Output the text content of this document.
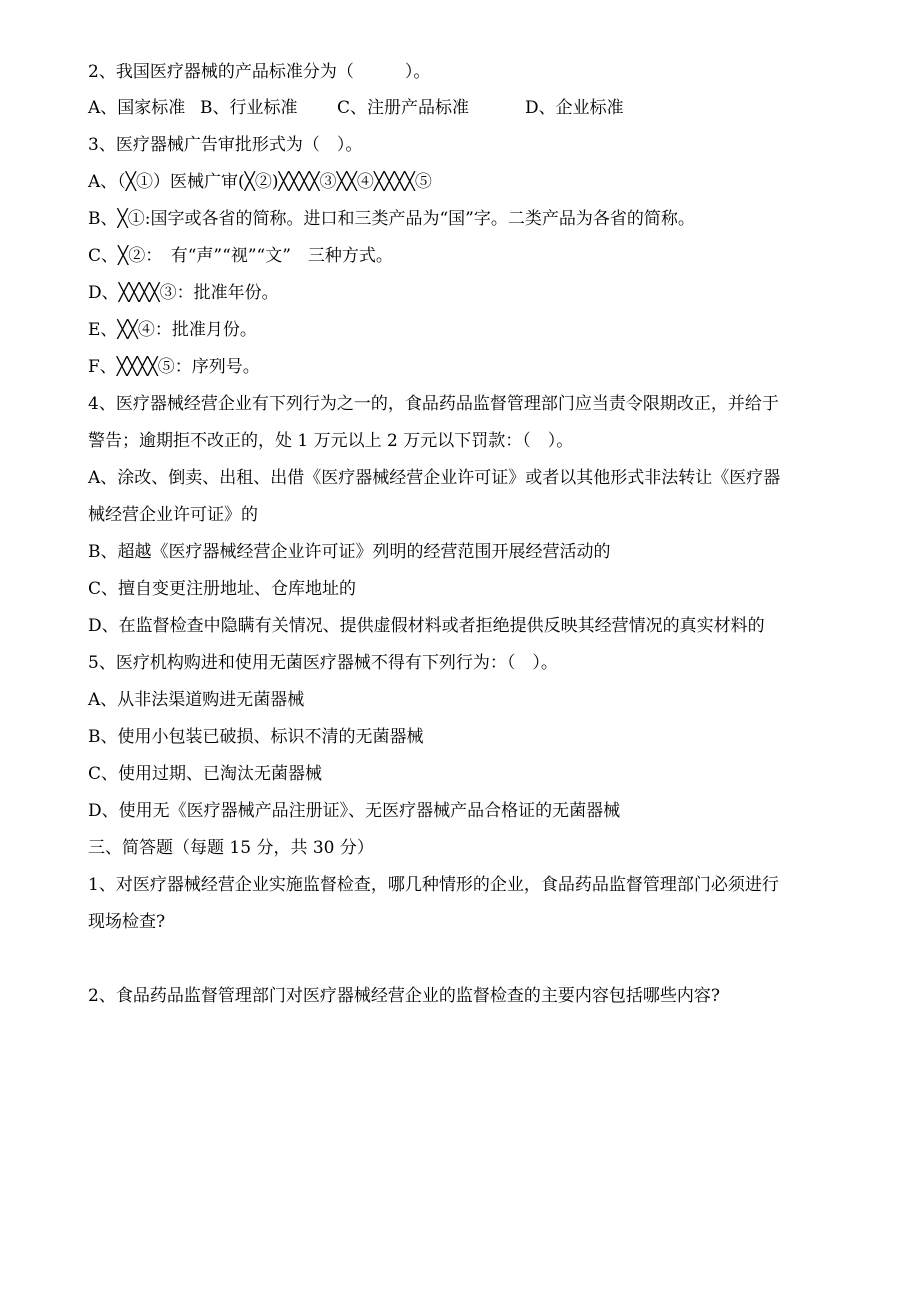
2、我国医疗器械的产品标准分为（　　　）。
A、国家标准 B、行业标准 C、注册产品标准	D、企业标准
3、医疗器械广告审批形式为（　）。
A、（╳①）医械广审(╳②)╳╳╳╳③╳╳④╳╳╳╳⑤
B、╳①:国字或各省的简称。进口和三类产品为“国”字。二类产品为各省的简称。
C、╳②：　有“声”“视”“文”　三种方式。
D、╳╳╳╳③：批准年份。
E、╳╳④：批准月份。
F、╳╳╳╳⑤：序列号。
4、医疗器械经营企业有下列行为之一的，食品药品监督管理部门应当责令限期改正，并给于
警告；逾期拒不改正的，处 1 万元以上 2 万元以下罚款：（　）。
A、涂改、倒卖、出租、出借《医疗器械经营企业许可证》或者以其他形式非法转让《医疗器
械经营企业许可证》的
B、超越《医疗器械经营企业许可证》列明的经营范围开展经营活动的
C、擅自变更注册地址、仓库地址的
D、在监督检查中隐瞒有关情况、提供虚假材料或者拒绝提供反映其经营情况的真实材料的
5、医疗机构购进和使用无菌医疗器械不得有下列行为：（　）。
A、从非法渠道购进无菌器械
B、使用小包装已破损、标识不清的无菌器械
C、使用过期、已淘汰无菌器械
D、使用无《医疗器械产品注册证》、无医疗器械产品合格证的无菌器械
三、简答题（每题 15 分，共 30 分）
1、对医疗器械经营企业实施监督检查，哪几种情形的企业，食品药品监督管理部门必须进行
现场检查?
2、食品药品监督管理部门对医疗器械经营企业的监督检查的主要内容包括哪些内容?
